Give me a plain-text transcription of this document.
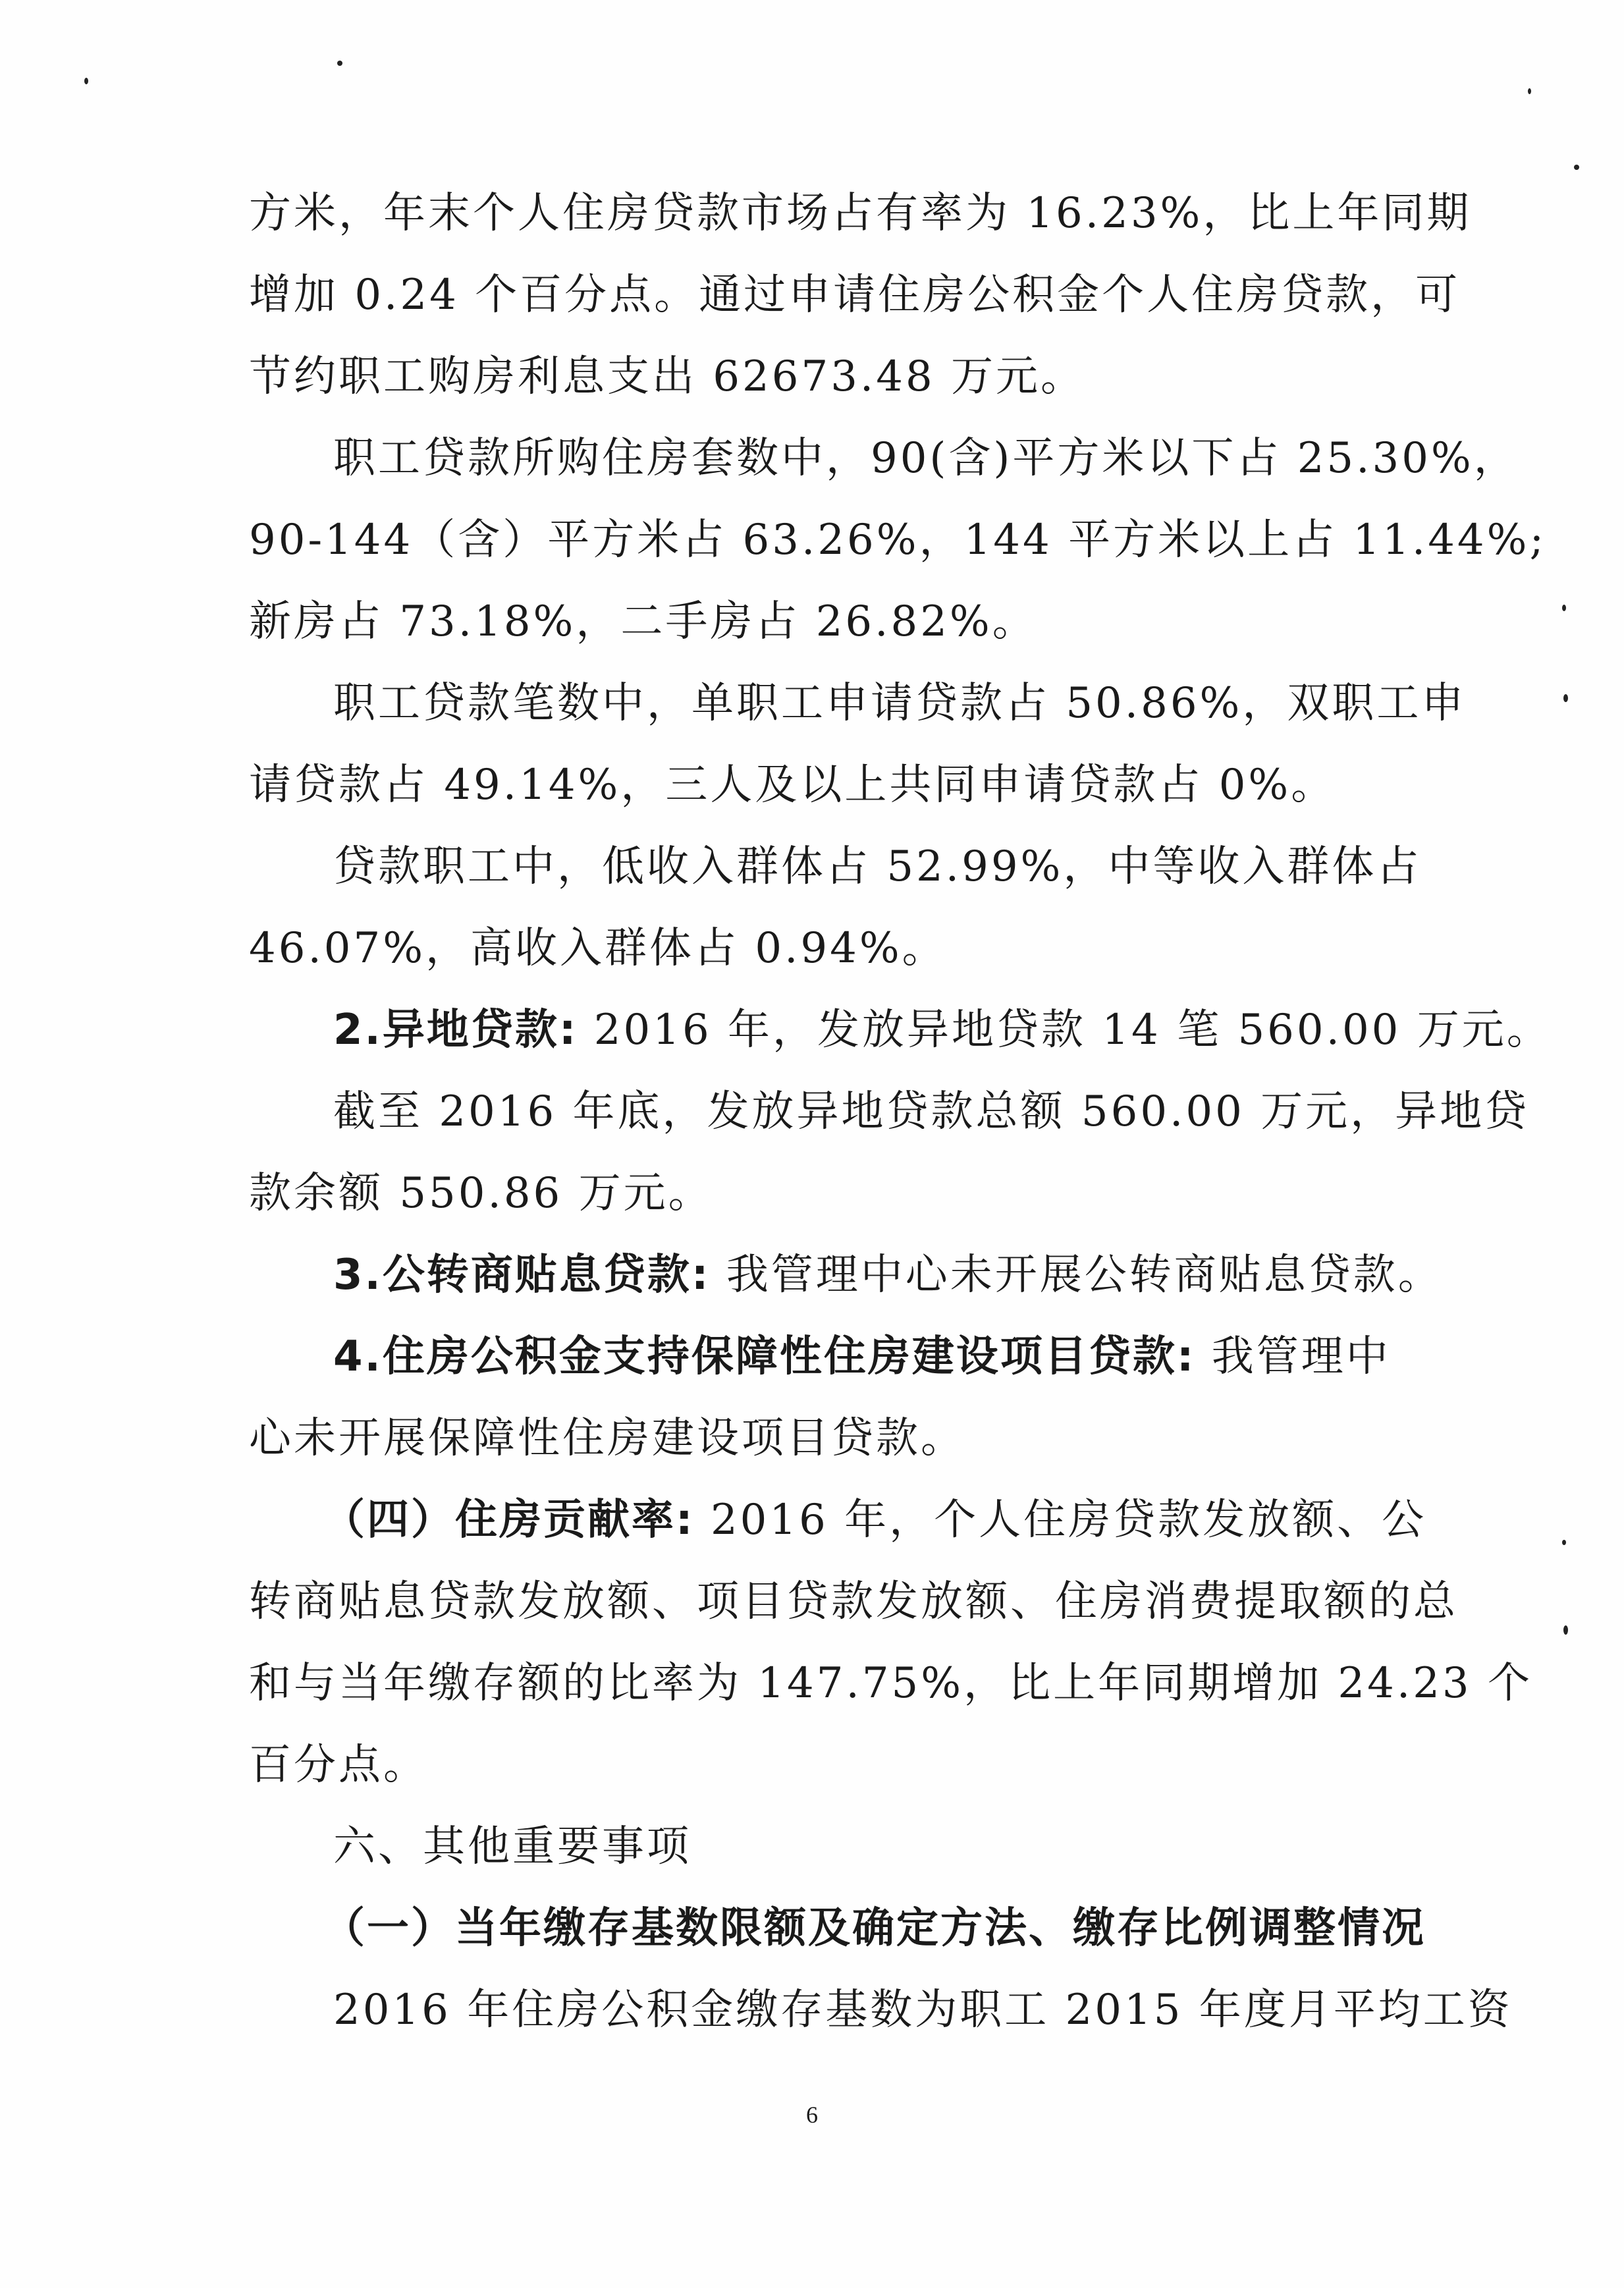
方米，年末个人住房贷款市场占有率为 16.23%，比上年同期
增加 0.24 个百分点。通过申请住房公积金个人住房贷款，可
节约职工购房利息支出 62673.48 万元。
职工贷款所购住房套数中，90(含)平方米以下占 25.30%，
90-144（含）平方米占 63.26%，144 平方米以上占 11.44%;
新房占 73.18%，二手房占 26.82%。
职工贷款笔数中，单职工申请贷款占 50.86%，双职工申
请贷款占 49.14%，三人及以上共同申请贷款占 0%。
贷款职工中，低收入群体占 52.99%，中等收入群体占
46.07%，高收入群体占 0.94%。
2.异地贷款: 2016 年，发放异地贷款 14 笔 560.00 万元。
截至 2016 年底，发放异地贷款总额 560.00 万元，异地贷
款余额 550.86 万元。
3.公转商贴息贷款: 我管理中心未开展公转商贴息贷款。
4.住房公积金支持保障性住房建设项目贷款: 我管理中
心未开展保障性住房建设项目贷款。
（四）住房贡献率: 2016 年，个人住房贷款发放额、公
转商贴息贷款发放额、项目贷款发放额、住房消费提取额的总
和与当年缴存额的比率为 147.75%，比上年同期增加 24.23 个
百分点。
六、其他重要事项
（一）当年缴存基数限额及确定方法、缴存比例调整情况
2016 年住房公积金缴存基数为职工 2015 年度月平均工资
6
